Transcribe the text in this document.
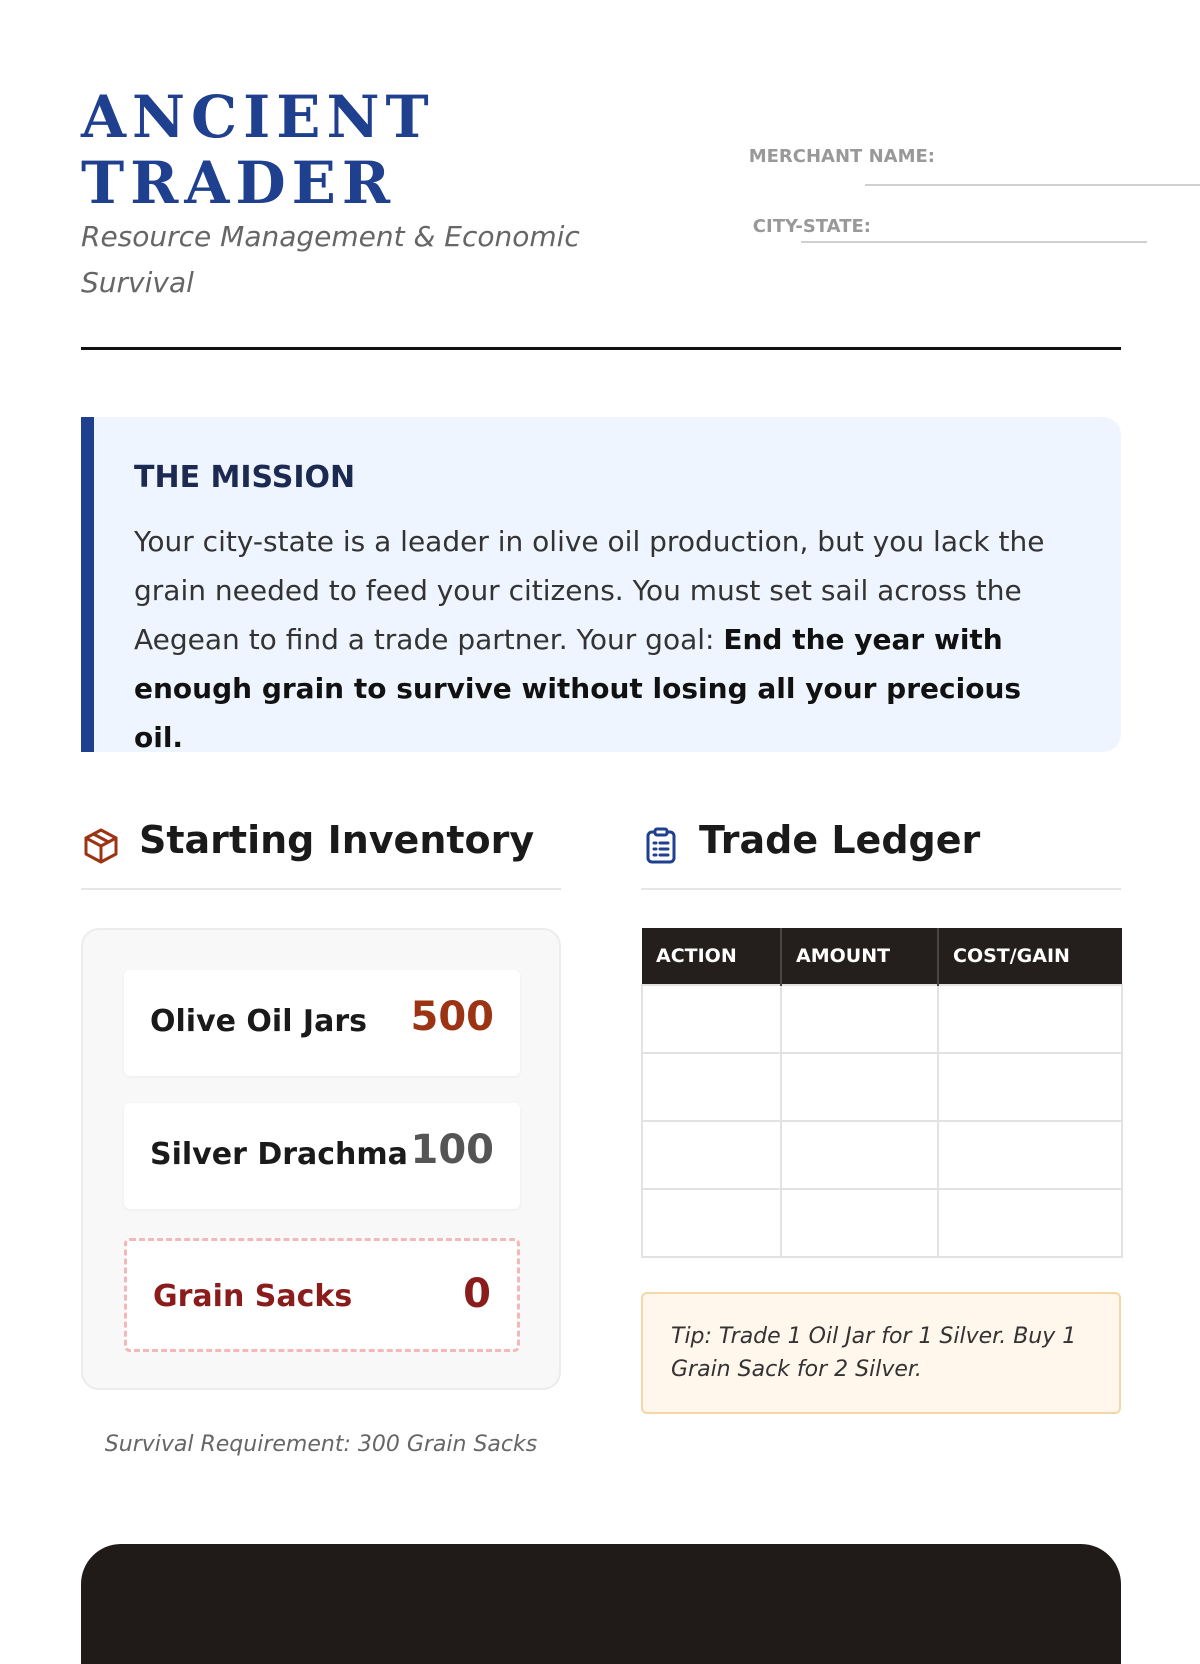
ANCIENT
TRADER
Resource Management & Economic Survival
MERCHANT NAME:
CITY-STATE:
THE MISSION
Your city-state is a leader in olive oil production, but you lack the grain needed to feed your citizens. You must set sail across the Aegean to find a trade partner. Your goal: End the year with enough grain to survive without losing all your precious oil.
Starting Inventory
Olive Oil Jars 500
Silver Drachma 100
Grain Sacks	0
Survival Requirement: 300 Grain Sacks
Trade Ledger
ACTION	AMOUNT	COST/GAIN

Tip: Trade 1 Oil Jar for 1 Silver. Buy 1 Grain Sack for 2 Silver.
